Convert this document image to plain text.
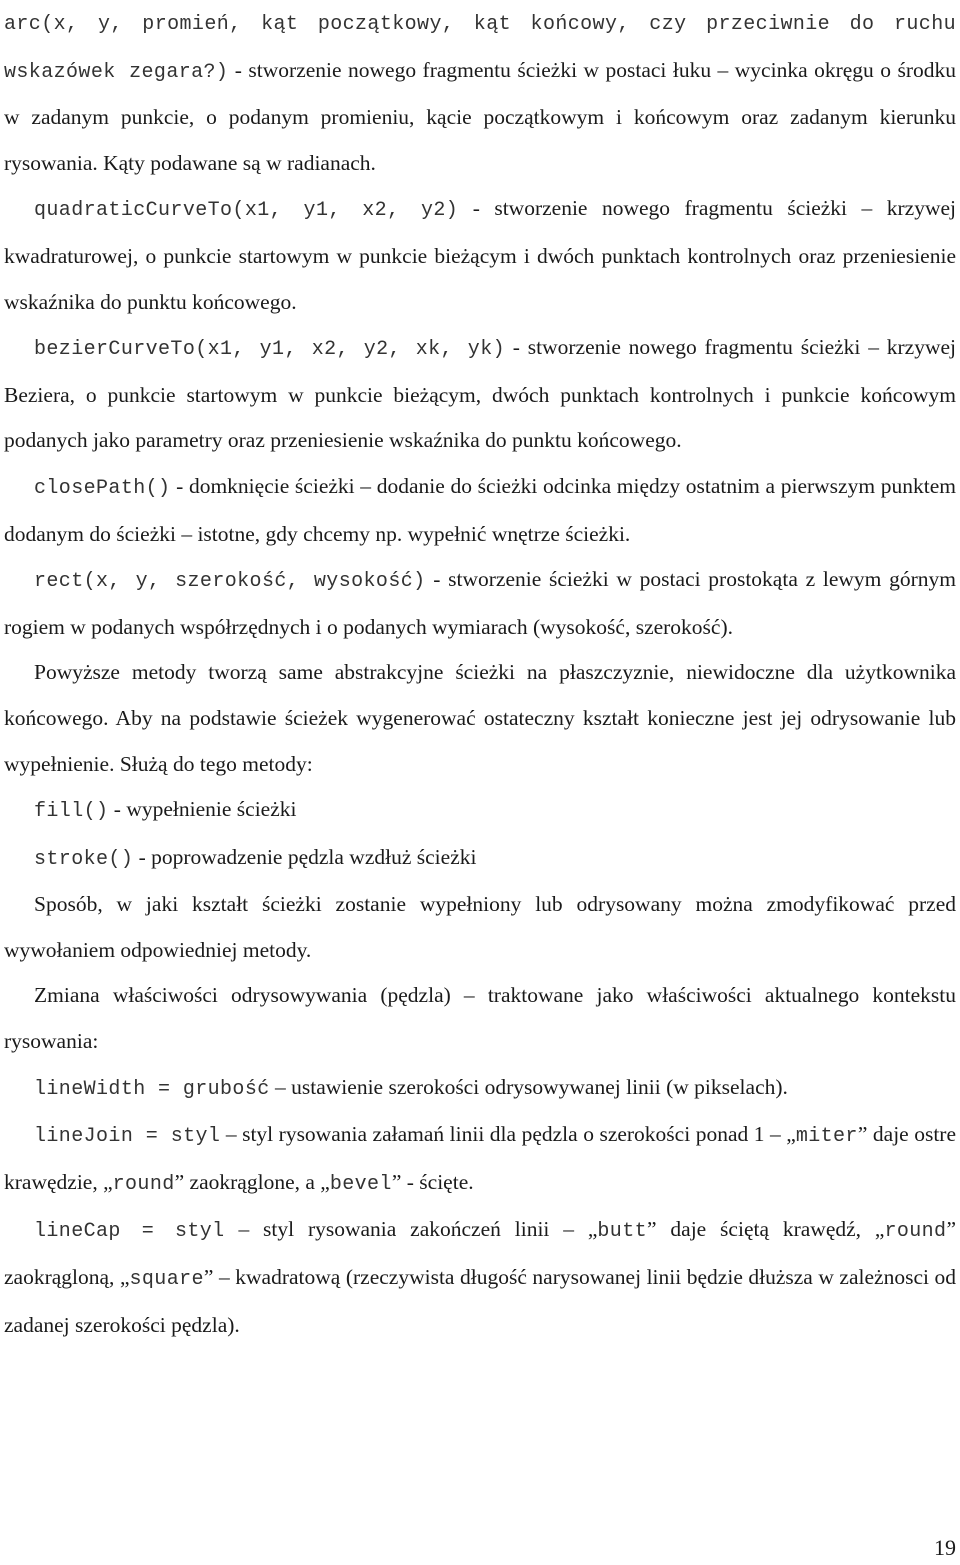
arc(x, y, promień, kąt początkowy, kąt końcowy, czy przeciwnie do ruchu wskazówek zegara?) - stworzenie nowego fragmentu ścieżki w postaci łuku – wycinka okręgu o środku w zadanym punkcie, o podanym promieniu, kącie początkowym i końcowym oraz zadanym kierunku rysowania. Kąty podawane są w radianach.

quadraticCurveTo(x1, y1, x2, y2) - stworzenie nowego fragmentu ścieżki – krzywej kwadraturowej, o punkcie startowym w punkcie bieżącym i dwóch punktach kontrolnych oraz przeniesienie wskaźnika do punktu końcowego.

bezierCurveTo(x1, y1, x2, y2, xk, yk) - stworzenie nowego fragmentu ścieżki – krzywej Beziera, o punkcie startowym w punkcie bieżącym, dwóch punktach kontrolnych i punkcie końcowym podanych jako parametry oraz przeniesienie wskaźnika do punktu końcowego.

closePath() - domknięcie ścieżki – dodanie do ścieżki odcinka między ostatnim a pierwszym punktem dodanym do ścieżki – istotne, gdy chcemy np. wypełnić wnętrze ścieżki.

rect(x, y, szerokość, wysokość) - stworzenie ścieżki w postaci prostokąta z lewym górnym rogiem w podanych współrzędnych i o podanych wymiarach (wysokość, szerokość).

Powyższe metody tworzą same abstrakcyjne ścieżki na płaszczyznie, niewidoczne dla użytkownika końcowego. Aby na podstawie ścieżek wygenerować ostateczny kształt konieczne jest jej odrysowanie lub wypełnienie. Służą do tego metody:

fill() - wypełnienie ścieżki

stroke() - poprowadzenie pędzla wzdłuż ścieżki

Sposób, w jaki kształt ścieżki zostanie wypełniony lub odrysowany można zmodyfikować przed wywołaniem odpowiedniej metody.

Zmiana właściwości odrysowywania (pędzla) – traktowane jako właściwości aktualnego kontekstu rysowania:

lineWidth = grubość – ustawienie szerokości odrysowywanej linii (w pikselach).

lineJoin = styl – styl rysowania załamań linii dla pędzla o szerokości ponad 1 – „miter” daje ostre krawędzie, „round” zaokrąglone, a „bevel” - ścięte.

lineCap = styl – styl rysowania zakończeń linii – „butt” daje ściętą krawędź, „round” zaokrągloną, „square” – kwadratową (rzeczywista długość narysowanej linii będzie dłuższa w zależnosci od zadanej szerokości pędzla).

19
